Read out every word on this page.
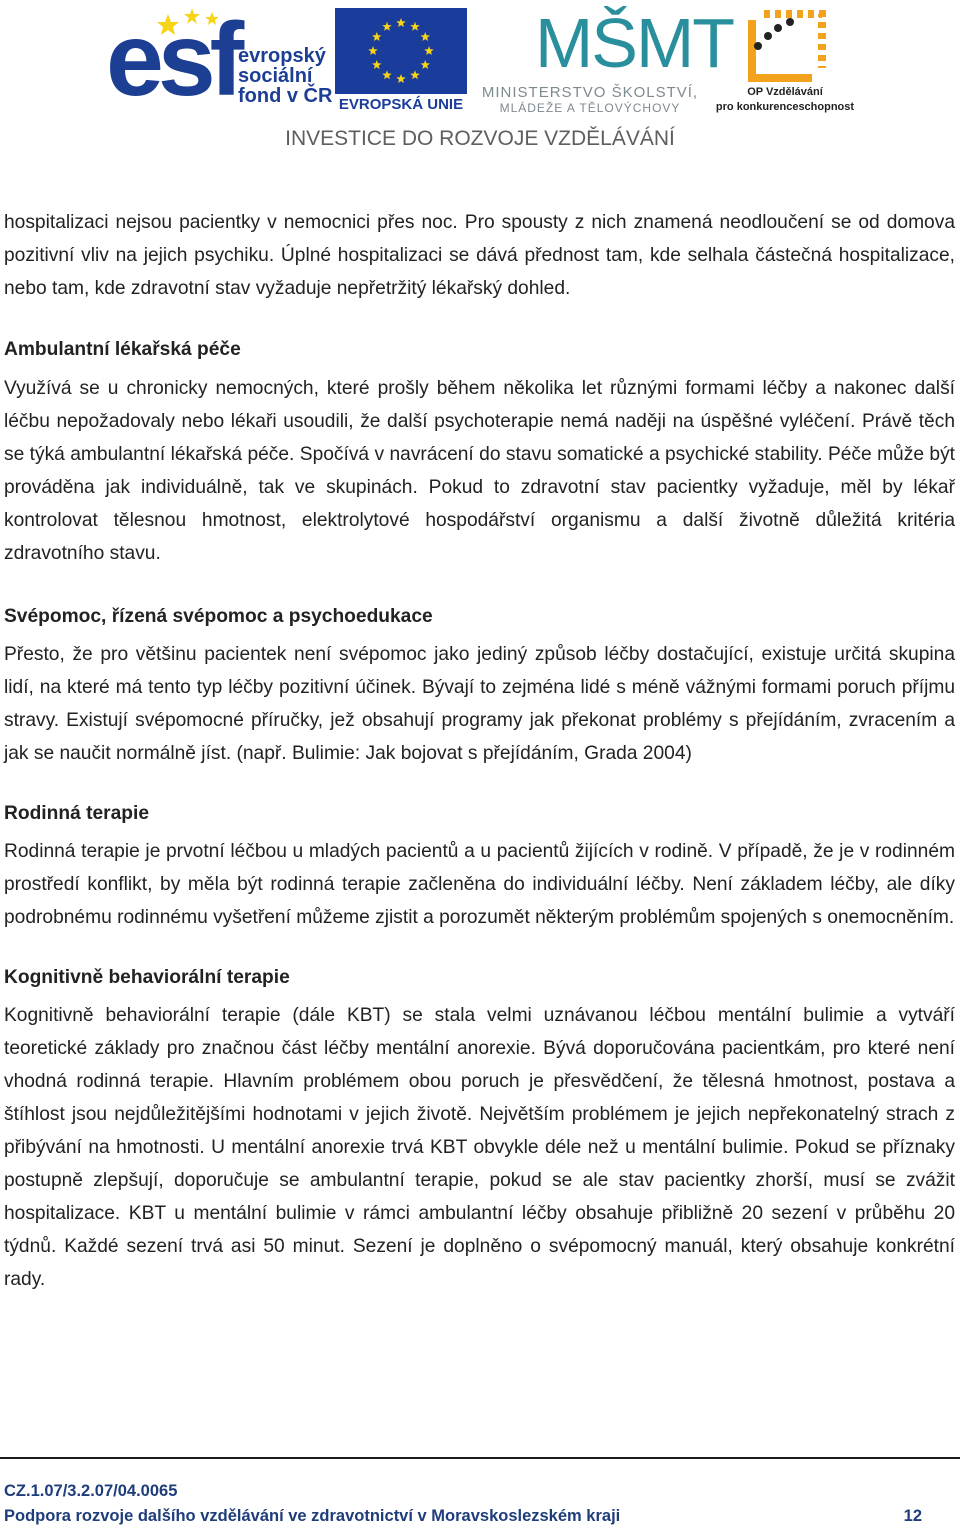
esf evropský
sociální
fond v ČR EVROPSKÁ UNIE
MŠMT
MINISTERSTVO ŠKOLSTVÍ,
MLÁDEŽE A TĚLOVÝCHOVY
OP Vzdělávání
pro konkurenceschopnost
INVESTICE DO ROZVOJE VZDĚLÁVÁNÍ

hospitalizaci nejsou pacientky v nemocnici přes noc. Pro spousty z nich znamená neodloučení se od domova pozitivní vliv na jejich psychiku. Úplné hospitalizaci se dává přednost tam, kde selhala částečná hospitalizace, nebo tam, kde zdravotní stav vyžaduje nepřetržitý lékařský dohled.

Ambulantní lékařská péče

Využívá se u chronicky nemocných, které prošly během několika let různými formami léčby a nakonec další léčbu nepožadovaly nebo lékaři usoudili, že další psychoterapie nemá naději na úspěšné vyléčení. Právě těch se týká ambulantní lékařská péče. Spočívá v navrácení do stavu somatické a psychické stability. Péče může být prováděna jak individuálně, tak ve skupinách. Pokud to zdravotní stav pacientky vyžaduje, měl by lékař kontrolovat tělesnou hmotnost, elektrolytové hospodářství organismu a další životně důležitá kritéria zdravotního stavu.

Svépomoc, řízená svépomoc a psychoedukace

Přesto, že pro většinu pacientek není svépomoc jako jediný způsob léčby dostačující, existuje určitá skupina lidí, na které má tento typ léčby pozitivní účinek. Bývají to zejména lidé s méně vážnými formami poruch příjmu stravy. Existují svépomocné příručky, jež obsahují programy jak překonat problémy s přejídáním, zvracením a jak se naučit normálně jíst. (např. Bulimie: Jak bojovat s přejídáním, Grada 2004)

Rodinná terapie

Rodinná terapie je prvotní léčbou u mladých pacientů a u pacientů žijících v rodině. V případě, že je v rodinném prostředí konflikt, by měla být rodinná terapie začleněna do individuální léčby. Není základem léčby, ale díky podrobnému rodinnému vyšetření můžeme zjistit a porozumět některým problémům spojených s onemocněním.

Kognitivně behaviorální terapie

Kognitivně behaviorální terapie (dále KBT) se stala velmi uznávanou léčbou mentální bulimie a vytváří teoretické základy pro značnou část léčby mentální anorexie. Bývá doporučována pacientkám, pro které není vhodná rodinná terapie. Hlavním problémem obou poruch je přesvědčení, že tělesná hmotnost, postava a štíhlost jsou nejdůležitějšími hodnotami v jejich životě. Největším problémem je jejich nepřekonatelný strach z přibývání na hmotnosti. U mentální anorexie trvá KBT obvykle déle než u mentální bulimie. Pokud se příznaky postupně zlepšují, doporučuje se ambulantní terapie, pokud se ale stav pacientky zhorší, musí se zvážit hospitalizace. KBT u mentální bulimie v rámci ambulantní léčby obsahuje přibližně 20 sezení v průběhu 20 týdnů. Každé sezení trvá asi 50 minut. Sezení je doplněno o svépomocný manuál, který obsahuje konkrétní rady.

CZ.1.07/3.2.07/04.0065
Podpora rozvoje dalšího vzdělávání ve zdravotnictví v Moravskoslezském kraji	12
